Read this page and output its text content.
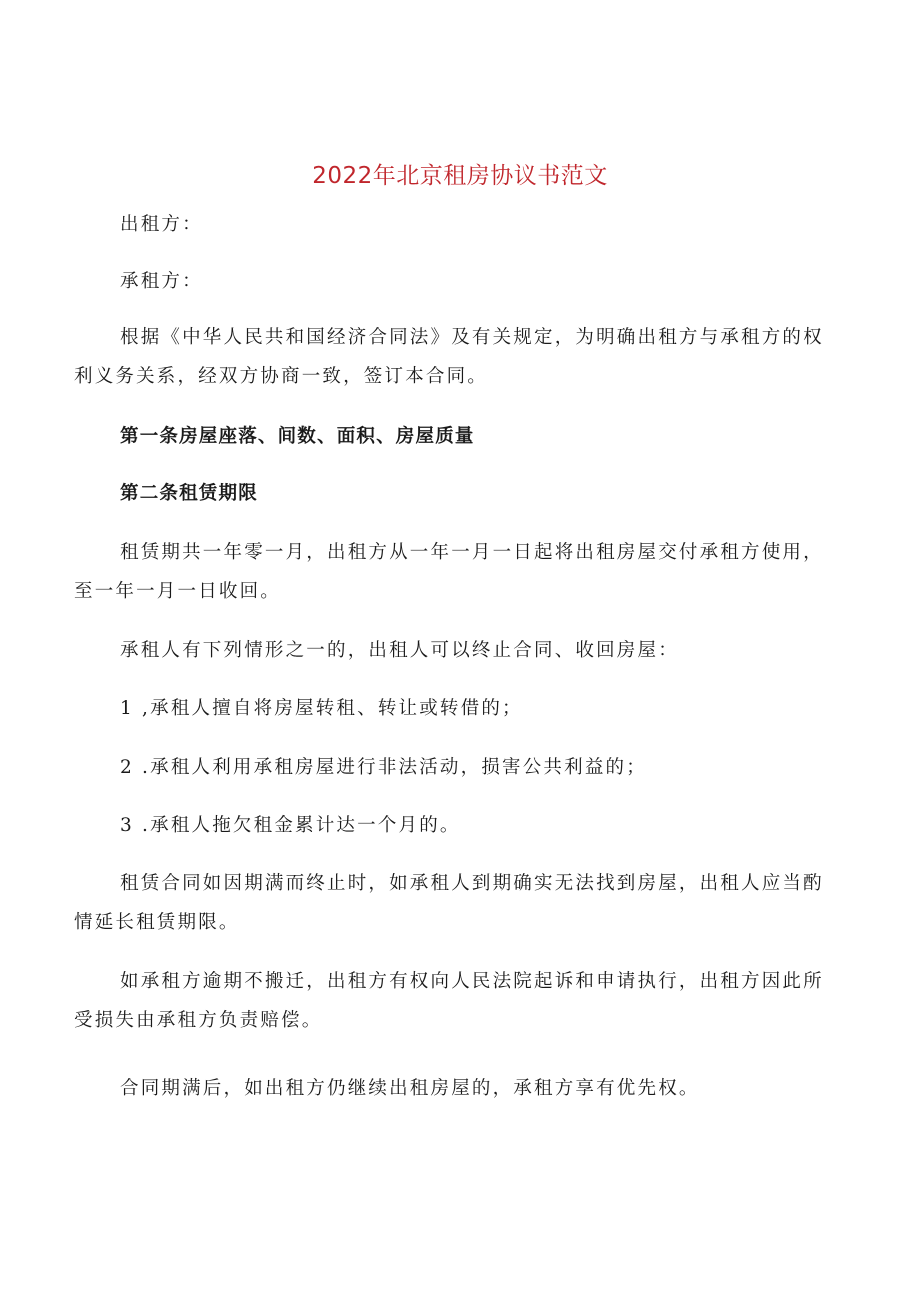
2022年北京租房协议书范文
出租方：
承租方：
根据《中华人民共和国经济合同法》及有关规定，为明确出租方与承租方的权利义务关系，经双方协商一致，签订本合同。
第一条房屋座落、间数、面积、房屋质量
第二条租赁期限
租赁期共一年零一月，出租方从一年一月一日起将出租房屋交付承租方使用，至一年一月一日收回。
承租人有下列情形之一的，出租人可以终止合同、收回房屋：
1 ,承租人擅自将房屋转租、转让或转借的；
2 .承租人利用承租房屋进行非法活动，损害公共利益的；
3 .承租人拖欠租金累计达一个月的。
租赁合同如因期满而终止时，如承租人到期确实无法找到房屋，出租人应当酌情延长租赁期限。
如承租方逾期不搬迁，出租方有权向人民法院起诉和申请执行，出租方因此所受损失由承租方负责赔偿。
合同期满后，如出租方仍继续出租房屋的，承租方享有优先权。
